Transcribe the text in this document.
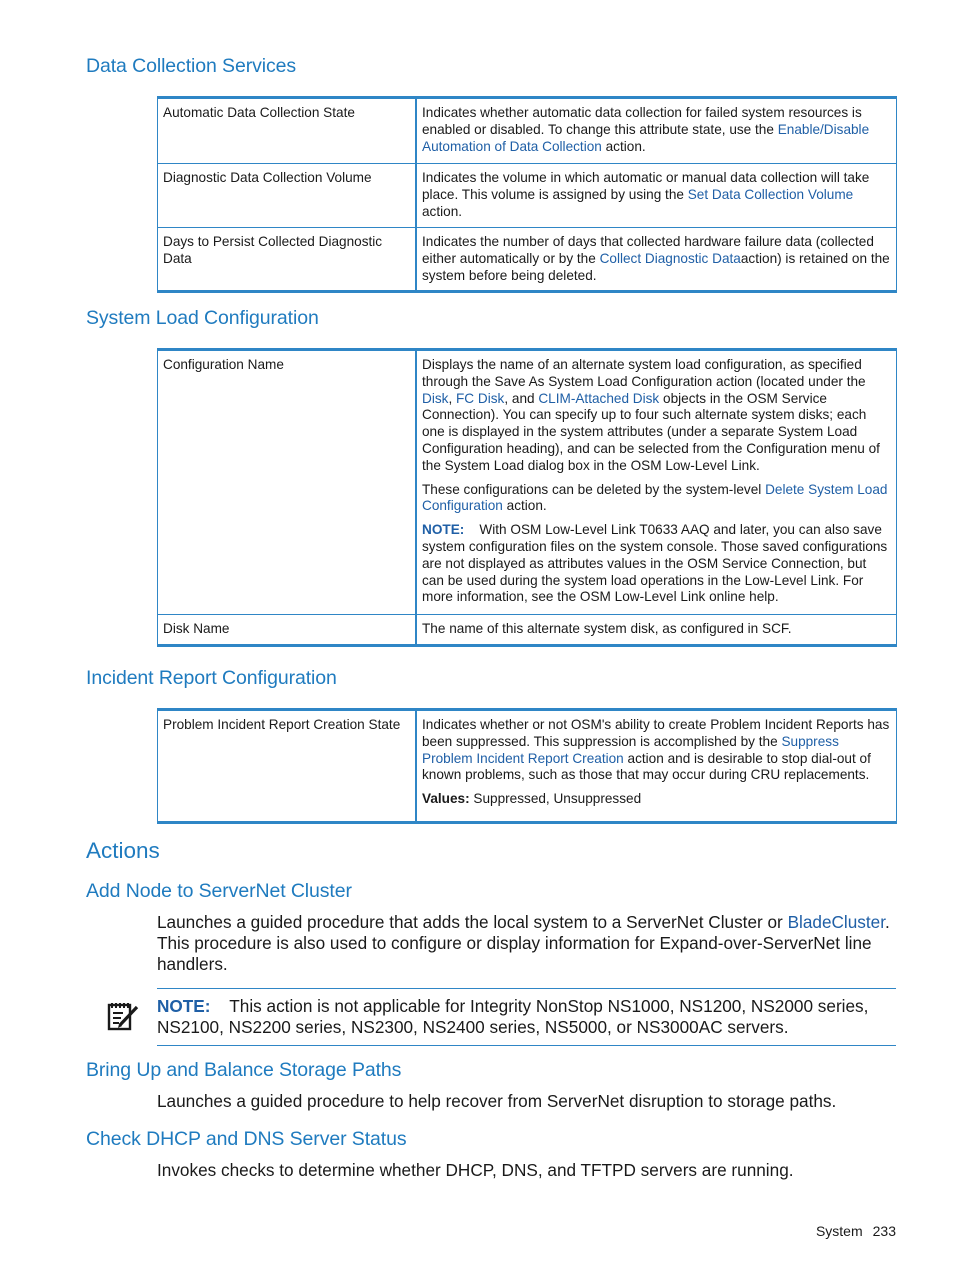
Data Collection Services
Automatic Data Collection State	Indicates whether automatic data collection for failed system resources is enabled or disabled. To change this attribute state, use the Enable/Disable Automation of Data Collection action.
Diagnostic Data Collection Volume	Indicates the volume in which automatic or manual data collection will take place. This volume is assigned by using the Set Data Collection Volume action.
Days to Persist Collected Diagnostic Data	Indicates the number of days that collected hardware failure data (collected either automatically or by the Collect Diagnostic Dataaction) is retained on the system before being deleted.
System Load Configuration
Configuration Name	Displays the name of an alternate system load configuration, as specified through the Save As System Load Configuration action (located under the Disk, FC Disk, and CLIM-Attached Disk objects in the OSM Service Connection). You can specify up to four such alternate system disks; each one is displayed in the system attributes (under a separate System Load Configuration heading), and can be selected from the Configuration menu of the System Load dialog box in the OSM Low-Level Link.

These configurations can be deleted by the system-level Delete System Load Configuration action.

NOTE: With OSM Low-Level Link T0633 AAQ and later, you can also save system configuration files on the system console. Those saved configurations are not displayed as attributes values in the OSM Service Connection, but can be used during the system load operations in the Low-Level Link. For more information, see the OSM Low-Level Link online help.

Disk Name	The name of this alternate system disk, as configured in SCF.
Incident Report Configuration
Problem Incident Report Creation State	Indicates whether or not OSM's ability to create Problem Incident Reports has been suppressed. This suppression is accomplished by the Suppress Problem Incident Report Creation action and is desirable to stop dial-out of known problems, such as those that may occur during CRU replacements.

Values: Suppressed, Unsuppressed

Actions
Add Node to ServerNet Cluster

Launches a guided procedure that adds the local system to a ServerNet Cluster or BladeCluster. This procedure is also used to configure or display information for Expand-over-ServerNet line handlers.

NOTE: This action is not applicable for Integrity NonStop NS1000, NS1200, NS2000 series, NS2100, NS2200 series, NS2300, NS2400 series, NS5000, or NS3000AC servers.
Bring Up and Balance Storage Paths

Launches a guided procedure to help recover from ServerNet disruption to storage paths.

Check DHCP and DNS Server Status

Invokes checks to determine whether DHCP, DNS, and TFTPD servers are running.

System 233
